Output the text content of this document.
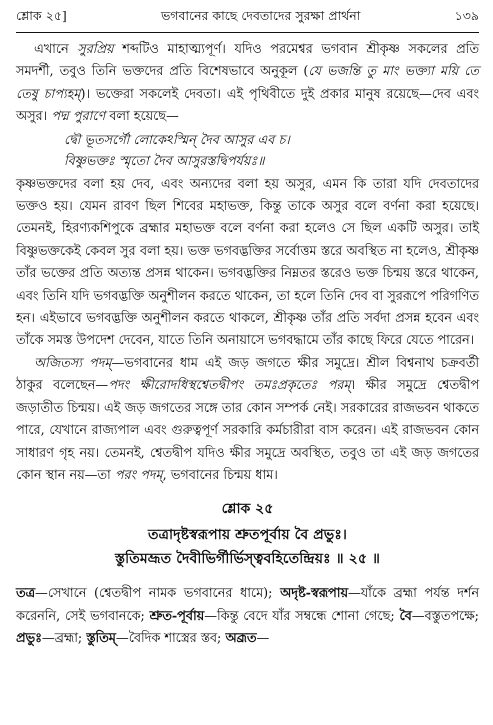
শ্লোক ২৫]	ভগবানের কাছে দেবতাদের সুরক্ষা প্রার্থনা	১৩৯

এখানে সুরপ্রিয় শব্দটিও মাহাত্ম্যপূর্ণ। যদিও পরমেশ্বর ভগবান শ্রীকৃষ্ণ সকলের প্রতি সমদর্শী, তবুও তিনি ভক্তদের প্রতি বিশেষভাবে অনুকূল (যে ভজন্তি তু মাং ভক্ত্যা ময়ি তে তেষু চাপ্যহম্)। ভক্তেরা সকলেই দেবতা। এই পৃথিবীতে দুই প্রকার মানুষ রয়েছে—দেব এবং অসুর। পদ্ম পুরাণে বলা হয়েছে—

দ্বৌ ভূতসর্গৌ লোকেঽস্মিন্ দৈব আসুর এব চ।
বিষ্ণুভক্তঃ স্মৃতো দৈব আসুরস্তদ্বিপর্যয়ঃ॥

কৃষ্ণভক্তদের বলা হয় দেব, এবং অন্যদের বলা হয় অসুর, এমন কি তারা যদি দেবতাদের ভক্তও হয়। যেমন রাবণ ছিল শিবের মহাভক্ত, কিন্তু তাকে অসুর বলে বর্ণনা করা হয়েছে। তেমনই, হিরণ্যকশিপুকে ব্রহ্মার মহাভক্ত বলে বর্ণনা করা হলেও সে ছিল একটি অসুর। তাই বিষ্ণুভক্তকেই কেবল সুর বলা হয়। ভক্ত ভগবদ্ভক্তির সর্বোত্তম স্তরে অবস্থিত না হলেও, শ্রীকৃষ্ণ তাঁর ভক্তের প্রতি অত্যন্ত প্রসন্ন থাকেন। ভগবদ্ভক্তির নিম্নতর স্তরেও ভক্ত চিন্ময় স্তরে থাকেন, এবং তিনি যদি ভগবদ্ভক্তি অনুশীলন করতে থাকেন, তা হলে তিনি দেব বা সুররূপে পরিগণিত হন। এইভাবে ভগবদ্ভক্তি অনুশীলন করতে থাকলে, শ্রীকৃষ্ণ তাঁর প্রতি সর্বদা প্রসন্ন হবেন এবং তাঁকে সমস্ত উপদেশ দেবেন, যাতে তিনি অনায়াসে ভগবদ্ধামে তাঁর কাছে ফিরে যেতে পারেন।

অজিতস্য পদম্—ভগবানের ধাম এই জড় জগতে ক্ষীর সমুদ্রে। শ্রীল বিশ্বনাথ চক্রবর্তী ঠাকুর বলেছেন—পদং ক্ষীরোদধিস্থশ্বেতদ্বীপং তমঃপ্রকৃতেঃ পরম্। ক্ষীর সমুদ্রে শ্বেতদ্বীপ জড়াতীত চিন্ময়। এই জড় জগতের সঙ্গে তার কোন সম্পর্ক নেই। সরকারের রাজভবন থাকতে পারে, যেখানে রাজ্যপাল এবং গুরুত্বপূর্ণ সরকারি কর্মচারীরা বাস করেন। এই রাজভবন কোন সাধারণ গৃহ নয়। তেমনই, শ্বেতদ্বীপ যদিও ক্ষীর সমুদ্রে অবস্থিত, তবুও তা এই জড় জগতের কোন স্থান নয়—তা পরং পদম্, ভগবানের চিন্ময় ধাম।

শ্লোক ২৫
তত্রাদৃষ্টস্বরূপায় শ্রুতপূর্বায় বৈ প্রভুঃ।
স্তুতিমভ্রূত দৈবীভির্গীর্ভিস্ত্ববহিতেন্দ্রিয়ঃ ॥ ২৫ ॥

তত্র—সেখানে (শ্বেতদ্বীপ নামক ভগবানের ধামে); অদৃষ্ট-স্বরূপায়—যাঁকে ব্রহ্মা পর্যন্ত দর্শন করেননি, সেই ভগবানকে; শ্রুত-পূর্বায়—কিন্তু বেদে যাঁর সম্বন্ধে শোনা গেছে; বৈ—বস্তুতপক্ষে; প্রভুঃ—ব্রহ্মা; স্তুতিম্—বৈদিক শাস্ত্রের স্তব; অব্রূত—
